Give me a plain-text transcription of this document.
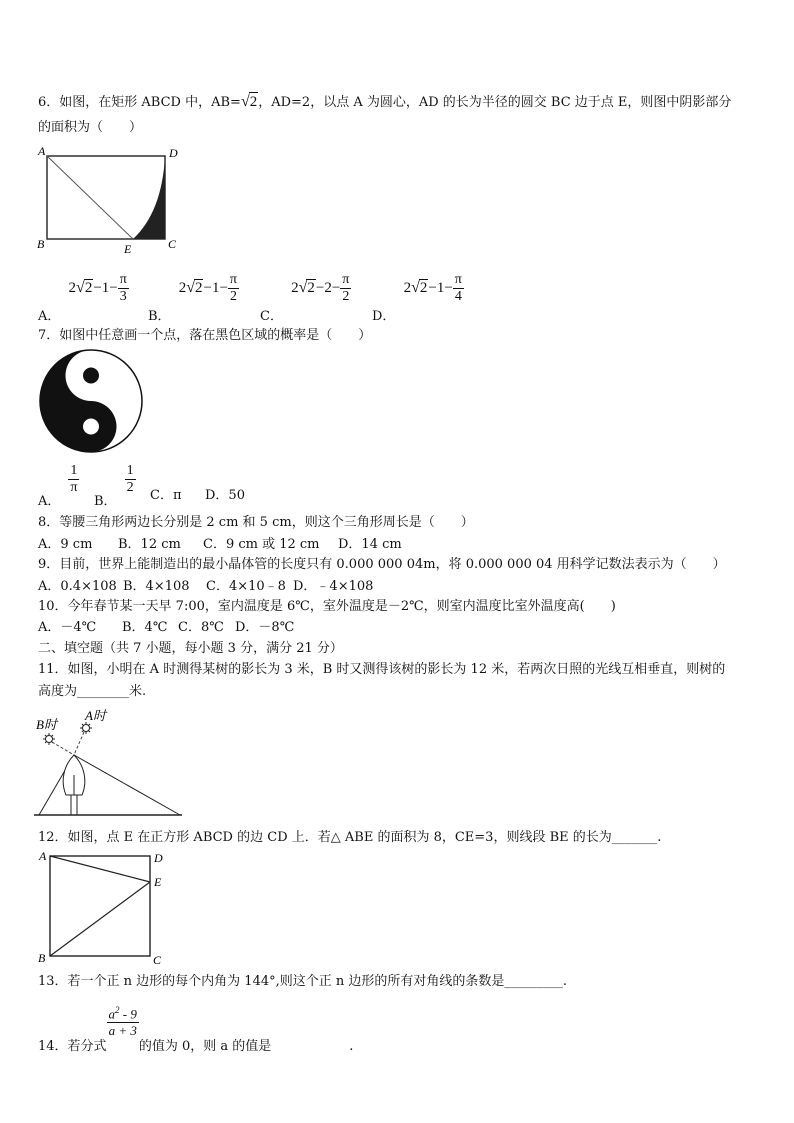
6．如图，在矩形 ABCD 中，AB=√2，AD=2，以点 A 为圆心，AD 的长为半径的圆交 BC 边于点 E，则图中阴影部分
的面积为（　　）
A	D
B	E	C
A． $2√2-1- \frac{\pi}{3}$
B． $2√2-1- \frac{\pi}{2}$
C． $2√2-2- \frac{\pi}{2}$
D． $2√2-1- \frac{\pi}{4}$
7．如图中任意画一个点，落在黑色区域的概率是（　　）
A．
$\frac{1}{\pi}$
B．
$\frac{1}{2}$ C．π D．50
8．等腰三角形两边长分别是 2 cm 和 5 cm，则这个三角形周长是（　　）
A．9 cm B．12 cm C．9 cm 或 12 cm D．14 cm
9．目前，世界上能制造出的最小晶体管的长度只有 0.000 000 04m，将 0.000 000 04 用科学记数法表示为（　　）
A．0.4×108 B．4×108 C．4×10﹣8 D．﹣4×108
10．今年春节某一天早 7:00，室内温度是 6℃，室外温度是－2℃，则室内温度比室外温度高(　　)
A．－4℃ B．4℃ C．8℃ D．－8℃
二、填空题（共 7 小题，每小题 3 分，满分 21 分）
11．如图，小明在 A 时测得某树的影长为 3 米，B 时又测得该树的影长为 12 米，若两次日照的光线互相垂直，则树的
高度为________米.
B时
A时
12．如图，点 E 在正方形 ABCD 的边 CD 上．若△ ABE 的面积为 8，CE=3，则线段 BE 的长为_______.
A	D
E
B	C
13．若一个正 n 边形的每个内角为 144°,则这个正 n 边形的所有对角线的条数是_________.
14．若分式
$\frac{a^2 - 9}{a + 3}$
的值为 0，则 a 的值是　　　　　　.
